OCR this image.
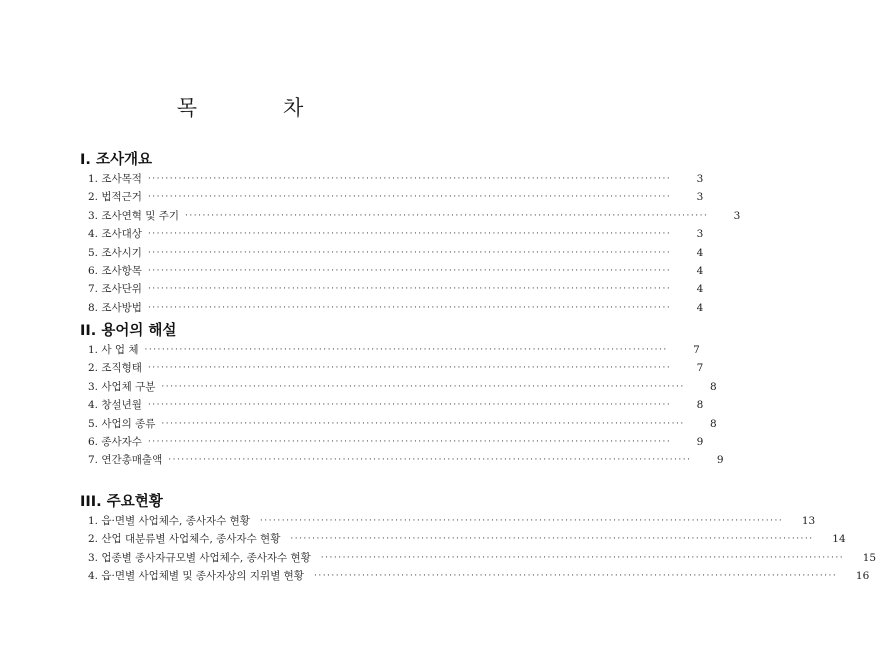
목	차
I. 조사개요
1. 조사목적 ························································································································	3
2. 법적근거 ························································································································	3
3. 조사연혁 및 주기 ························································································································	3
4. 조사대상 ························································································································	3
5. 조사시기 ························································································································	4
6. 조사항목 ························································································································	4
7. 조사단위 ························································································································	4
8. 조사방법 ························································································································	4
II. 용어의 해설
1. 사 업 체 ························································································································	7
2. 조직형태 ························································································································	7
3. 사업체 구분 ························································································································	8
4. 창설년월 ························································································································	8
5. 사업의 종류 ························································································································	8
6. 종사자수 ························································································································	9
7. 연간총매출액 ························································································································	9
III. 주요현황
1. 읍·면별 사업체수, 종사자수 현황 ························································································································	13
2. 산업 대분류별 사업체수, 종사자수 현황 ························································································································	14
3. 업종별 종사자규모별 사업체수, 종사자수 현황 ························································································································	15
4. 읍·면별 사업체별 및 종사자상의 지위별 현황 ························································································································	16
